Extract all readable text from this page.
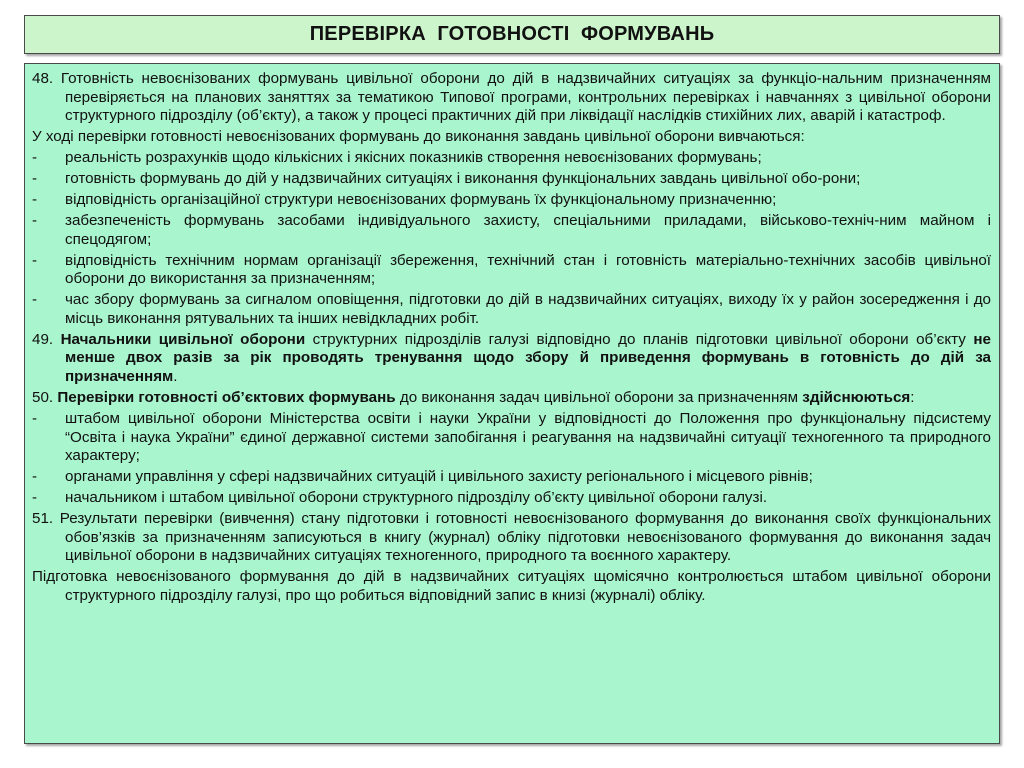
ПЕРЕВІРКА  ГОТОВНОСТІ  ФОРМУВАНЬ

48. Готовність невоєнізованих формувань цивільної оборони до дій в надзвичайних ситуаціях за функціо-нальним призначенням перевіряється на планових заняттях за тематикою Типової програми, контрольних перевірках і навчаннях з цивільної оборони структурного підрозділу (об’єкту), а також у процесі практичних дій при ліквідації наслідків стихійних лих, аварій і катастроф.

У ході перевірки готовності невоєнізованих формувань до виконання завдань цивільної оборони вивчаються:

-	реальність розрахунків щодо кількісних і якісних показників створення невоєнізованих формувань;

-	готовність формувань до дій у надзвичайних ситуаціях і виконання функціональних завдань цивільної обо-рони;

-	відповідність організаційної структури невоєнізованих формувань їх функціональному призначенню;

-	забезпеченість формувань засобами індивідуального захисту, спеціальними приладами, військово-техніч-ним майном і спецодягом;

-	відповідність технічним нормам організації збереження, технічний стан і готовність матеріально-технічних засобів цивільної оборони до використання за призначенням;

-	час збору формувань за сигналом оповіщення, підготовки до дій в надзвичайних ситуаціях, виходу їх у район зосередження і до місць виконання рятувальних та інших невідкладних робіт.

49. Начальники цивільної оборони структурних підрозділів галузі відповідно до планів підготовки цивільної оборони об’єкту не менше двох разів за рік проводять тренування щодо збору й приведення формувань в готовність до дій за призначенням.

50. Перевірки готовності об’єктових формувань до виконання задач цивільної оборони за призначенням здійснюються:

-	штабом цивільної оборони Міністерства освіти і науки України у відповідності до Положення про функціональну підсистему “Освіта і наука України” єдиної державної системи запобігання і реагування на надзвичайні ситуації техногенного та природного характеру;

-	органами управління у сфері надзвичайних ситуацій і цивільного захисту регіонального і місцевого рівнів;

-	начальником і штабом цивільної оборони структурного підрозділу об’єкту цивільної оборони галузі.

51. Результати перевірки (вивчення) стану підготовки і готовності невоєнізованого формування до виконання своїх функціональних обов’язків за призначенням записуються в книгу (журнал) обліку підготовки невоєнізованого формування до виконання задач цивільної оборони в надзвичайних ситуаціях техногенного, природного та воєнного характеру.

Підготовка невоєнізованого формування до дій в надзвичайних ситуаціях щомісячно контролюється штабом цивільної оборони структурного підрозділу галузі, про що робиться відповідний запис в книзі (журналі) обліку.
